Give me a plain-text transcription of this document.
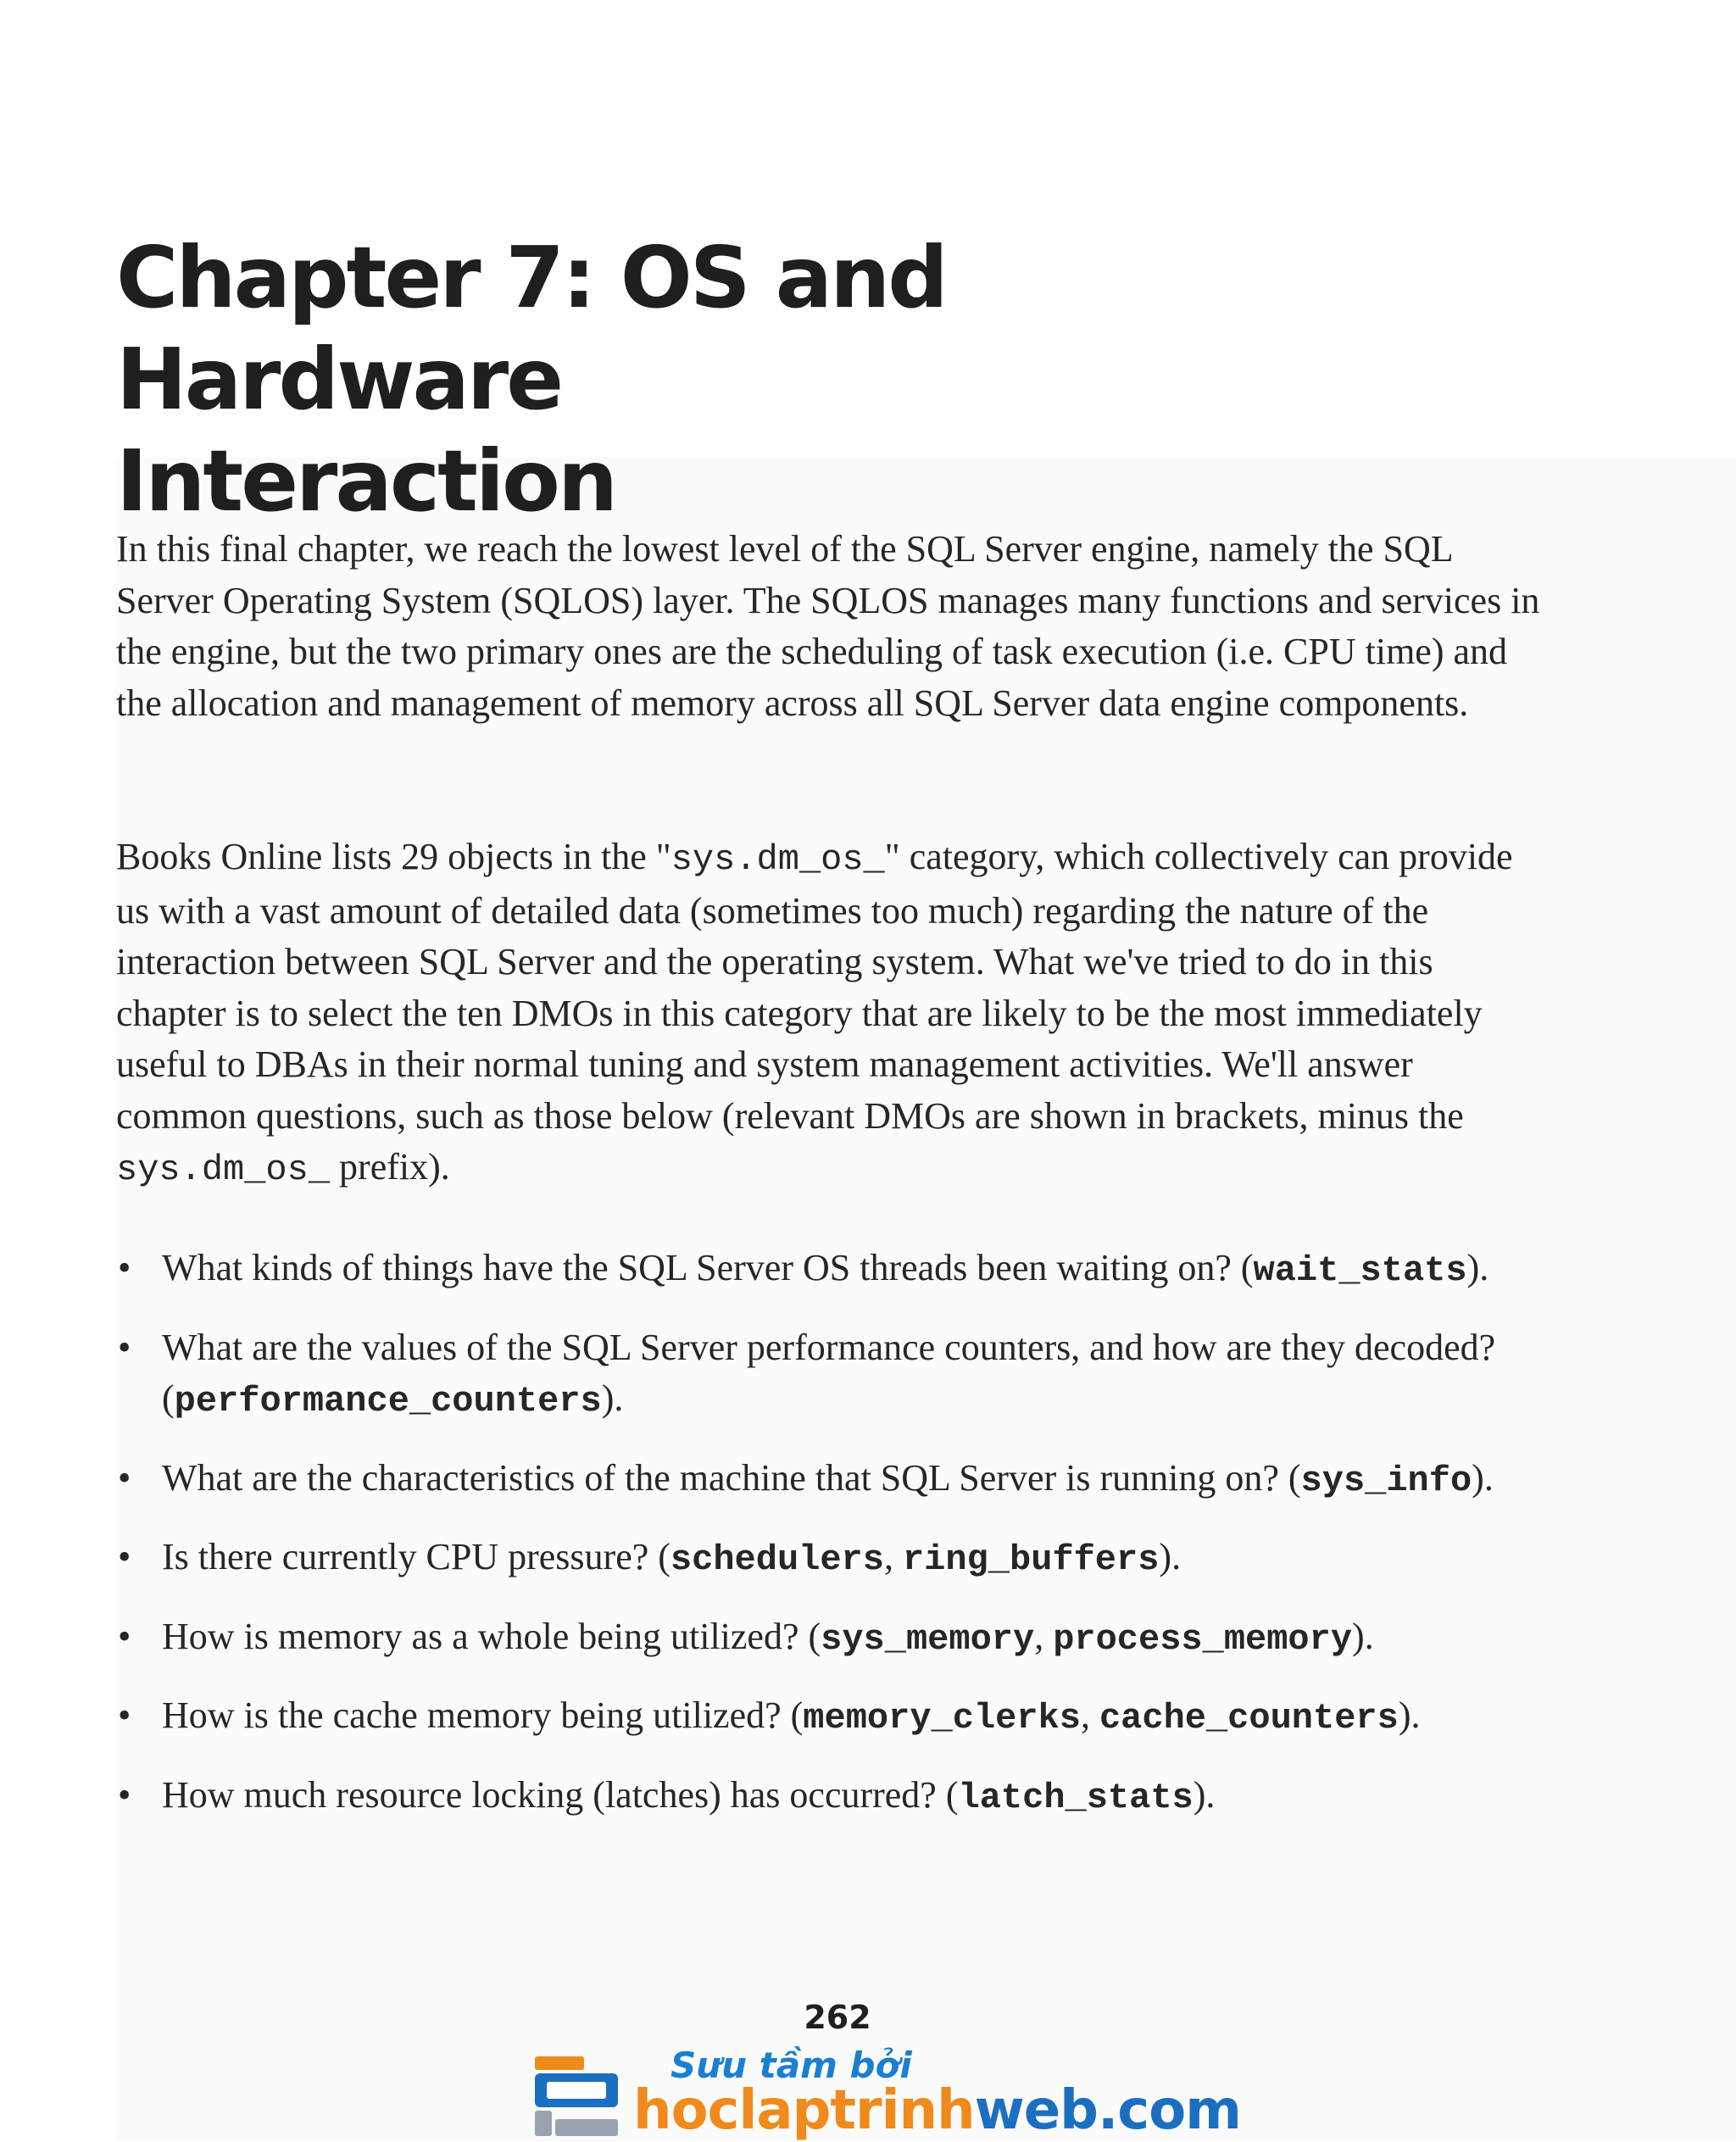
Chapter 7: OS and Hardware
Interaction

In this final chapter, we reach the lowest level of the SQL Server engine, namely the SQL Server Operating System (SQLOS) layer. The SQLOS manages many functions and services in the engine, but the two primary ones are the scheduling of task execution (i.e. CPU time) and the allocation and management of memory across all SQL Server data engine components.

Books Online lists 29 objects in the "sys.dm_os_" category, which collectively can provide us with a vast amount of detailed data (sometimes too much) regarding the nature of the interaction between SQL Server and the operating system. What we've tried to do in this chapter is to select the ten DMOs in this category that are likely to be the most immediately useful to DBAs in their normal tuning and system management activities. We'll answer common questions, such as those below (relevant DMOs are shown in brackets, minus the sys.dm_os_ prefix).

• What kinds of things have the SQL Server OS threads been waiting on? (wait_stats).
• What are the values of the SQL Server performance counters, and how are they decoded? (performance_counters).
• What are the characteristics of the machine that SQL Server is running on? (sys_info).
• Is there currently CPU pressure? (schedulers, ring_buffers).
• How is memory as a whole being utilized? (sys_memory, process_memory).
• How is the cache memory being utilized? (memory_clerks, cache_counters).
• How much resource locking (latches) has occurred? (latch_stats).
262
Sưu tầm bởi
hoclaptrinhweb.com
